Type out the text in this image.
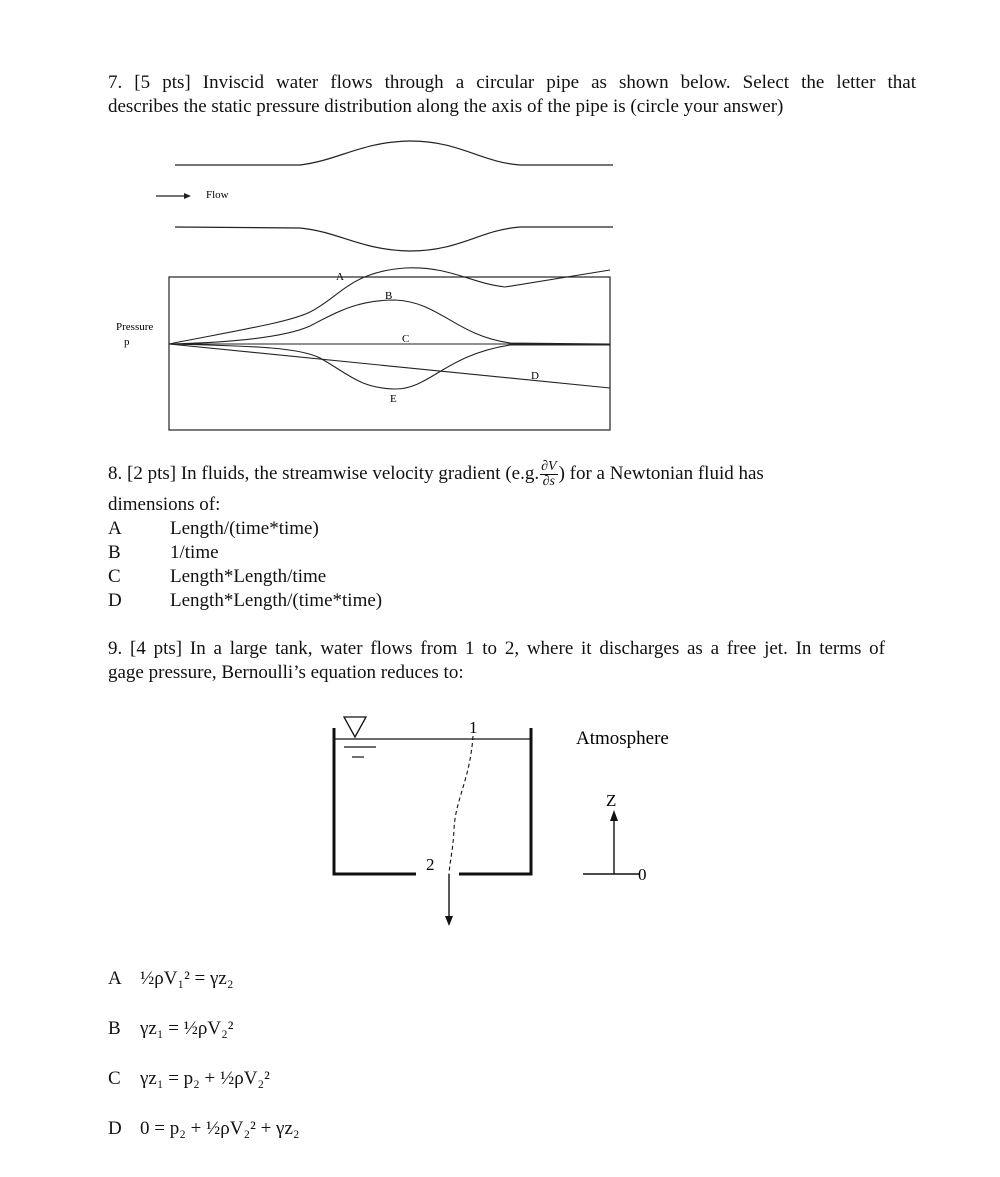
7. [5 pts] Inviscid water flows through a circular pipe as shown below. Select the letter that
describes the static pressure distribution along the axis of the pipe is (circle your answer)
Flow
Pressure
p
A
B
C
D
E
8. [2 pts] In fluids, the streamwise velocity gradient (e.g. $\frac{\partial V}{\partial s}$ ) for a Newtonian fluid has
dimensions of:
A	Length/(time*time)
B	1/time
C	Length*Length/time
D	Length*Length/(time*time)
9. [4 pts] In a large tank, water flows from 1 to 2, where it discharges as a free jet. In terms of
gage pressure, Bernoulli’s equation reduces to:
1
2
Atmosphere
Z
0
A ½ρV₁² = γz₂
B γz₁ = ½ρV₂²
C γz₁ = p₂ + ½ρV₂²
D 0 = p₂ + ½ρV₂² + γz₂
